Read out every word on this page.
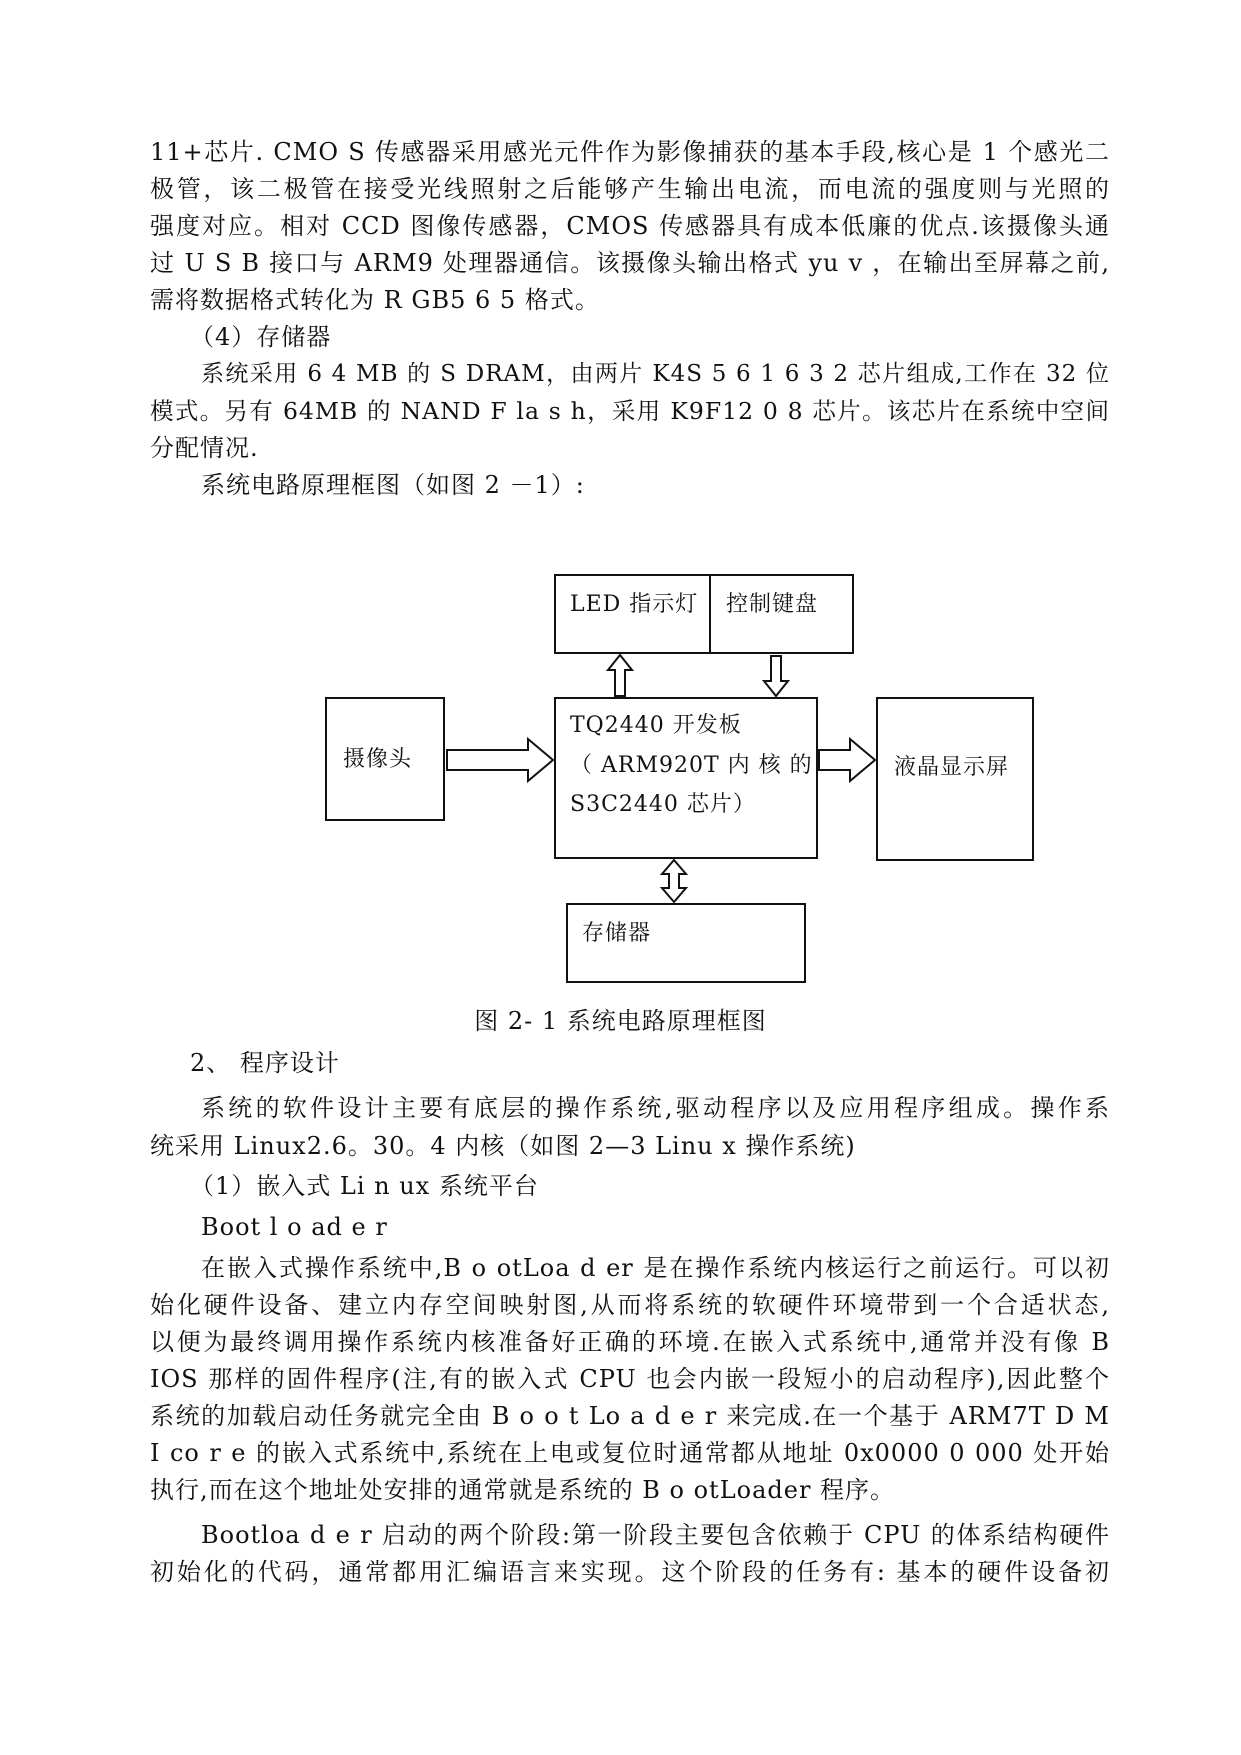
11+芯片. CMO S 传感器采用感光元件作为影像捕获的基本手段,核心是 1 个感光二
极管，该二极管在接受光线照射之后能够产生输出电流，而电流的强度则与光照的
强度对应。相对 CCD 图像传感器，CMOS 传感器具有成本低廉的优点.该摄像头通
过 U S B 接口与 ARM9 处理器通信。该摄像头输出格式 yu v ，在输出至屏幕之前,
需将数据格式转化为 R GB5 6 5 格式。
（4）存储器
系统采用 6 4 MB 的 S DRAM，由两片 K4S 5 6 1 6 3 2 芯片组成,工作在 32 位
模式。另有 64MB 的 NAND F la s h，采用 K9F12 0 8 芯片。该芯片在系统中空间
分配情况.
系统电路原理框图（如图 2 －1）:
LED 指示灯 控制键盘
摄像头
TQ2440 开发板
（ ARM920T 内 核 的
S3C2440 芯片）
液晶显示屏
存储器
图 2- 1 系统电路原理框图
2、 程序设计
系统的软件设计主要有底层的操作系统,驱动程序以及应用程序组成。操作系
统采用 Linux2.6。30。4 内核（如图 2—3 Linu x 操作系统)
（1）嵌入式 Li n ux 系统平台
Boot l o ad e r
在嵌入式操作系统中,B o otLoa d er 是在操作系统内核运行之前运行。可以初
始化硬件设备、建立内存空间映射图,从而将系统的软硬件环境带到一个合适状态,
以便为最终调用操作系统内核准备好正确的环境.在嵌入式系统中,通常并没有像 B
IOS 那样的固件程序(注,有的嵌入式 CPU 也会内嵌一段短小的启动程序),因此整个
系统的加载启动任务就完全由 B o o t Lo a d e r 来完成.在一个基于 ARM7T D M
I co r e 的嵌入式系统中,系统在上电或复位时通常都从地址 0x0000 0 000 处开始
执行,而在这个地址处安排的通常就是系统的 B o otLoader 程序。
Bootloa d e r 启动的两个阶段:第一阶段主要包含依赖于 CPU 的体系结构硬件
初始化的代码，通常都用汇编语言来实现。这个阶段的任务有: 基本的硬件设备初
